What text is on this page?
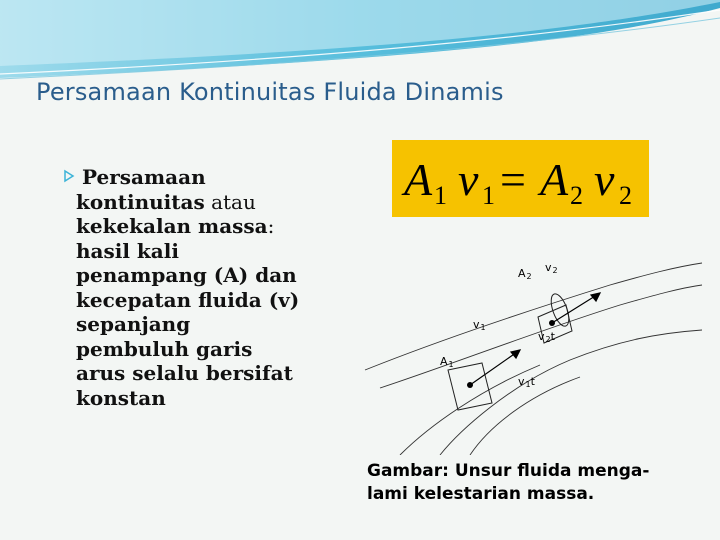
Persamaan Kontinuitas Fluida Dinamis
Persamaan
kontinuitas atau
kekekalan massa:
hasil kali
penampang (A) dan
kecepatan fluida (v)
sepanjang
pembuluh garis
arus selalu bersifat
konstan
A 1 v 1 = A 2 v 2
A2
v2
v1
A1
v2t
v1t
Gambar: Unsur fluida menga-
lami kelestarian massa.
